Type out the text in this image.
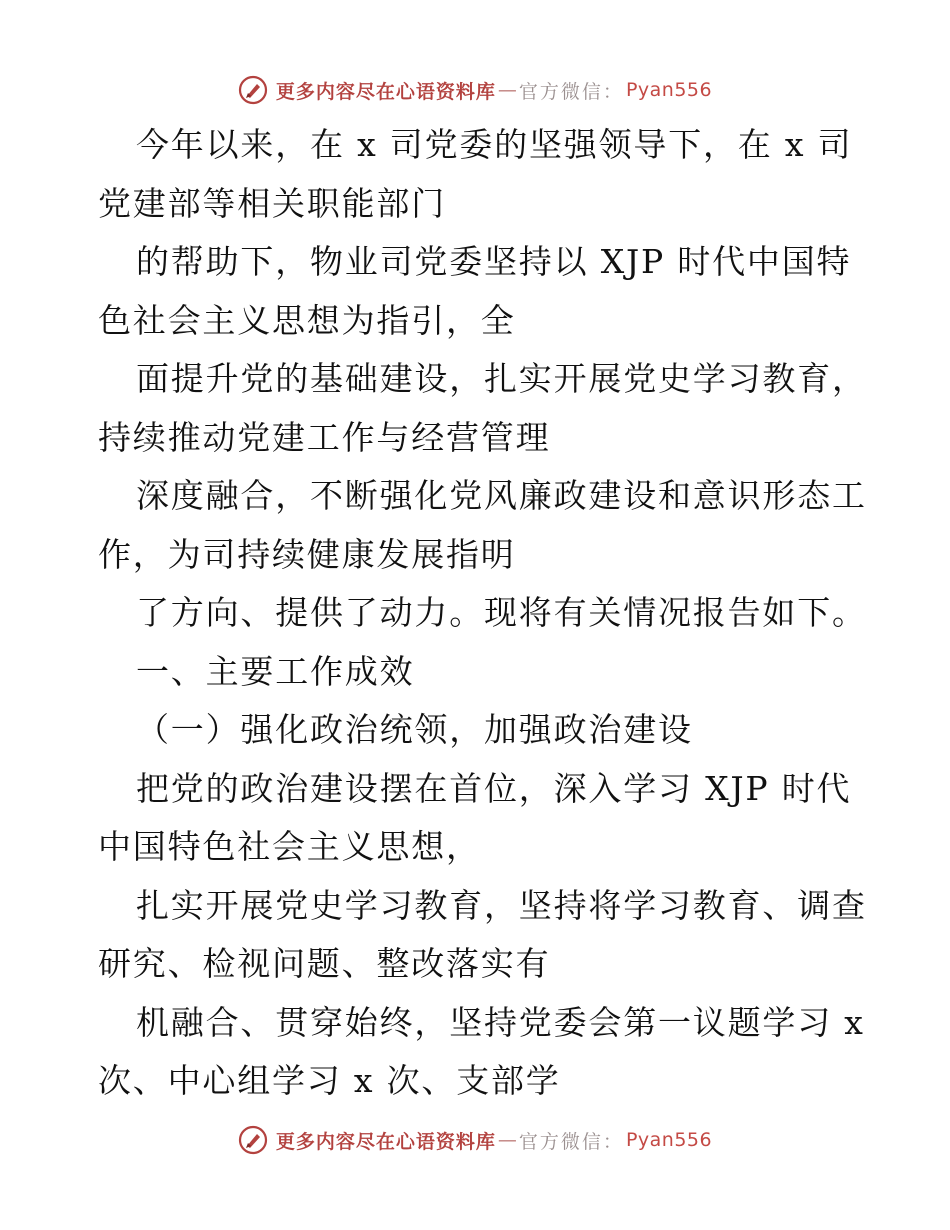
更多内容尽在心语资料库 — 官方微信： Pyan556
今年以来，在 x 司党委的坚强领导下，在 x 司
党建部等相关职能部门
的帮助下，物业司党委坚持以 XJP 时代中国特
色社会主义思想为指引，全
面提升党的基础建设，扎实开展党史学习教育，
持续推动党建工作与经营管理
深度融合，不断强化党风廉政建设和意识形态工
作，为司持续健康发展指明
了方向、提供了动力。现将有关情况报告如下。
一、主要工作成效
（一）强化政治统领，加强政治建设
把党的政治建设摆在首位，深入学习 XJP 时代
中国特色社会主义思想，
扎实开展党史学习教育，坚持将学习教育、调查
研究、检视问题、整改落实有
机融合、贯穿始终，坚持党委会第一议题学习 x
次、中心组学习 x 次、支部学
更多内容尽在心语资料库 — 官方微信： Pyan556
